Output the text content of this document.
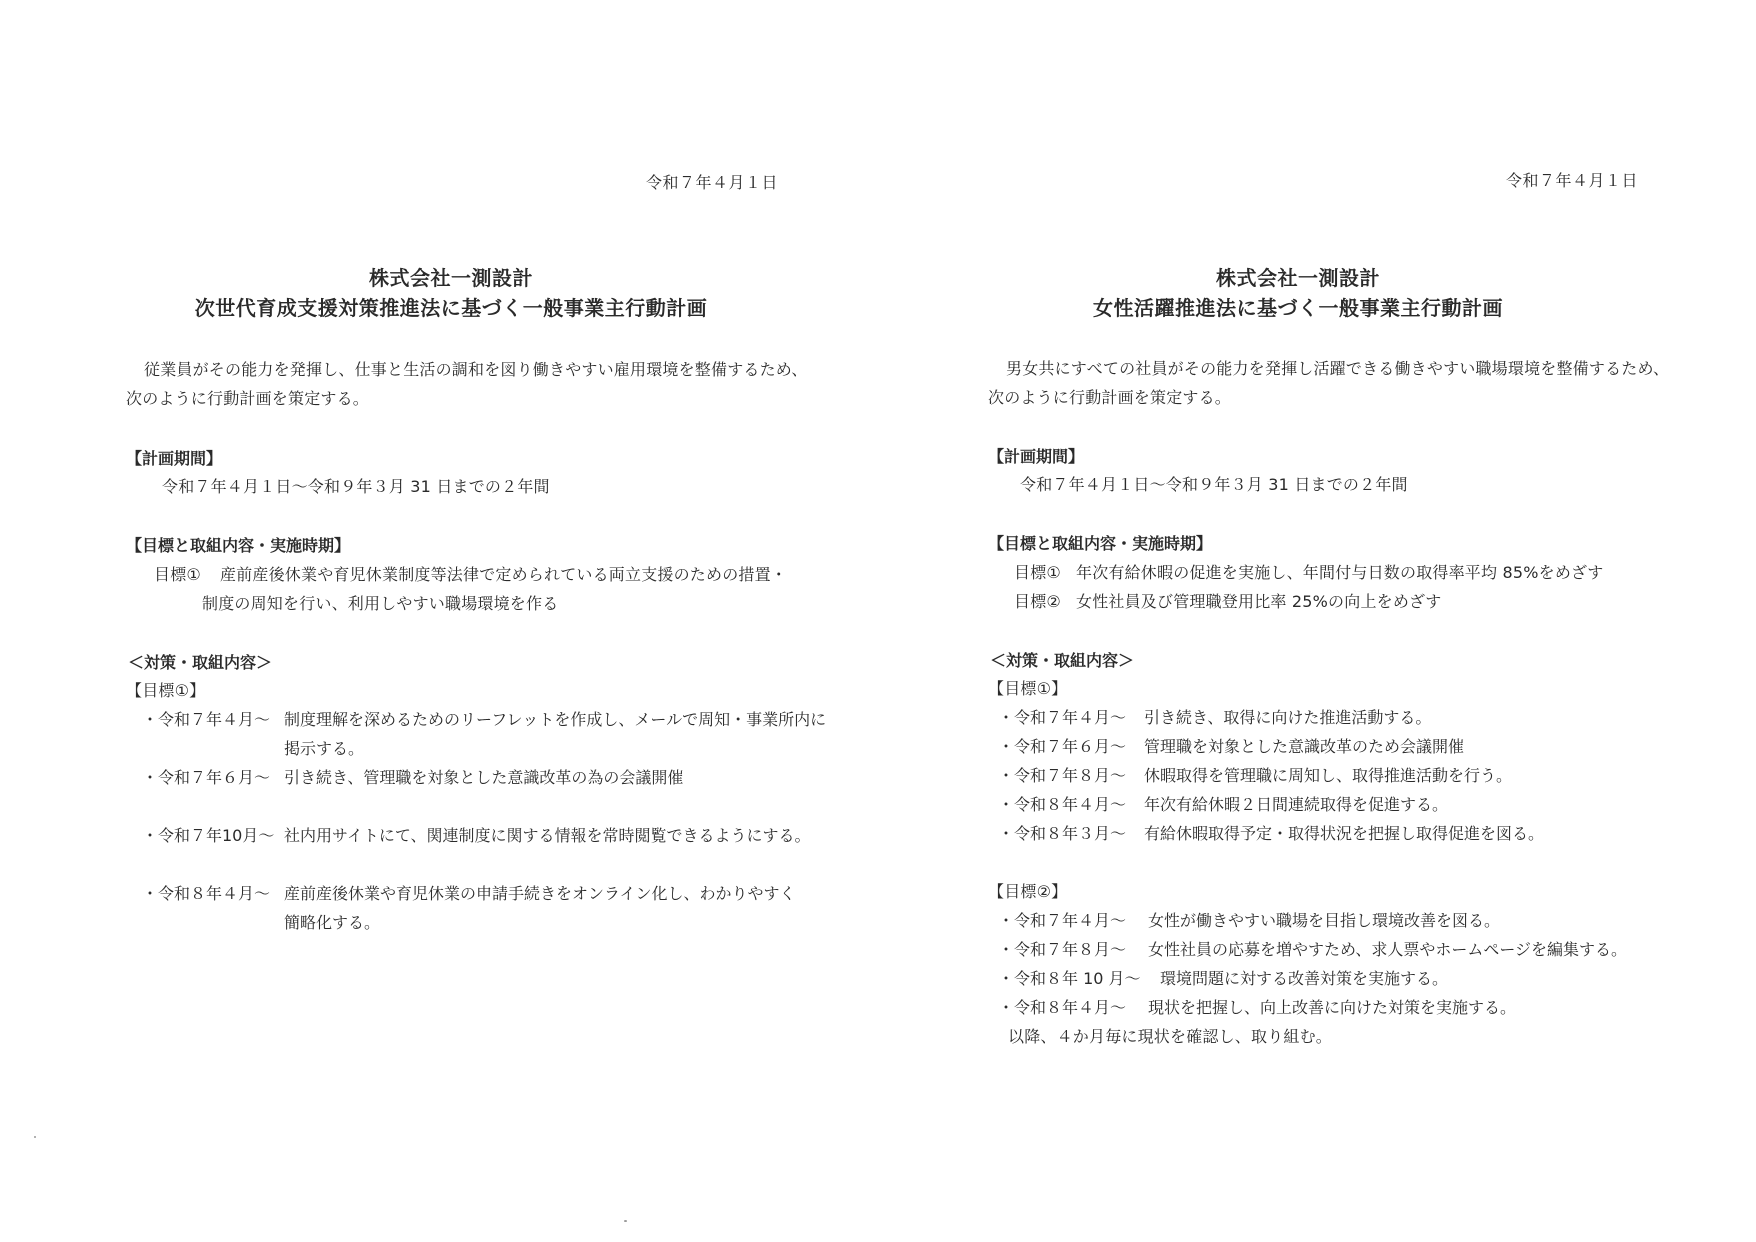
令和７年４月１日
株式会社一測設計
次世代育成支援対策推進法に基づく一般事業主行動計画
従業員がその能力を発揮し、仕事と生活の調和を図り働きやすい雇用環境を整備するため、
次のように行動計画を策定する。
【計画期間】
令和７年４月１日～令和９年３月 31 日までの２年間
【目標と取組内容・実施時期】
目標① 産前産後休業や育児休業制度等法律で定められている両立支援のための措置・
制度の周知を行い、利用しやすい職場環境を作る
＜対策・取組内容＞
【目標①】
・令和７年４月～ 制度理解を深めるためのリーフレットを作成し、メールで周知・事業所内に
掲示する。
・令和７年６月～ 引き続き、管理職を対象とした意識改革の為の会議開催
・令和７年10月～ 社内用サイトにて、関連制度に関する情報を常時閲覧できるようにする。
・令和８年４月～ 産前産後休業や育児休業の申請手続きをオンライン化し、わかりやすく
簡略化する。
令和７年４月１日
株式会社一測設計
女性活躍推進法に基づく一般事業主行動計画
男女共にすべての社員がその能力を発揮し活躍できる働きやすい職場環境を整備するため、
次のように行動計画を策定する。
【計画期間】
令和７年４月１日～令和９年３月 31 日までの２年間
【目標と取組内容・実施時期】
目標① 年次有給休暇の促進を実施し、年間付与日数の取得率平均 85%をめざす
目標② 女性社員及び管理職登用比率 25%の向上をめざす
＜対策・取組内容＞
【目標①】
・令和７年４月～ 引き続き、取得に向けた推進活動する。
・令和７年６月～ 管理職を対象とした意識改革のため会議開催
・令和７年８月～ 休暇取得を管理職に周知し、取得推進活動を行う。
・令和８年４月～ 年次有給休暇２日間連続取得を促進する。
・令和８年３月～ 有給休暇取得予定・取得状況を把握し取得促進を図る。
【目標②】
・令和７年４月～ 女性が働きやすい職場を目指し環境改善を図る。
・令和７年８月～ 女性社員の応募を増やすため、求人票やホームページを編集する。
・令和８年 10 月～ 環境問題に対する改善対策を実施する。
・令和８年４月～ 現状を把握し、向上改善に向けた対策を実施する。
以降、４か月毎に現状を確認し、取り組む。
